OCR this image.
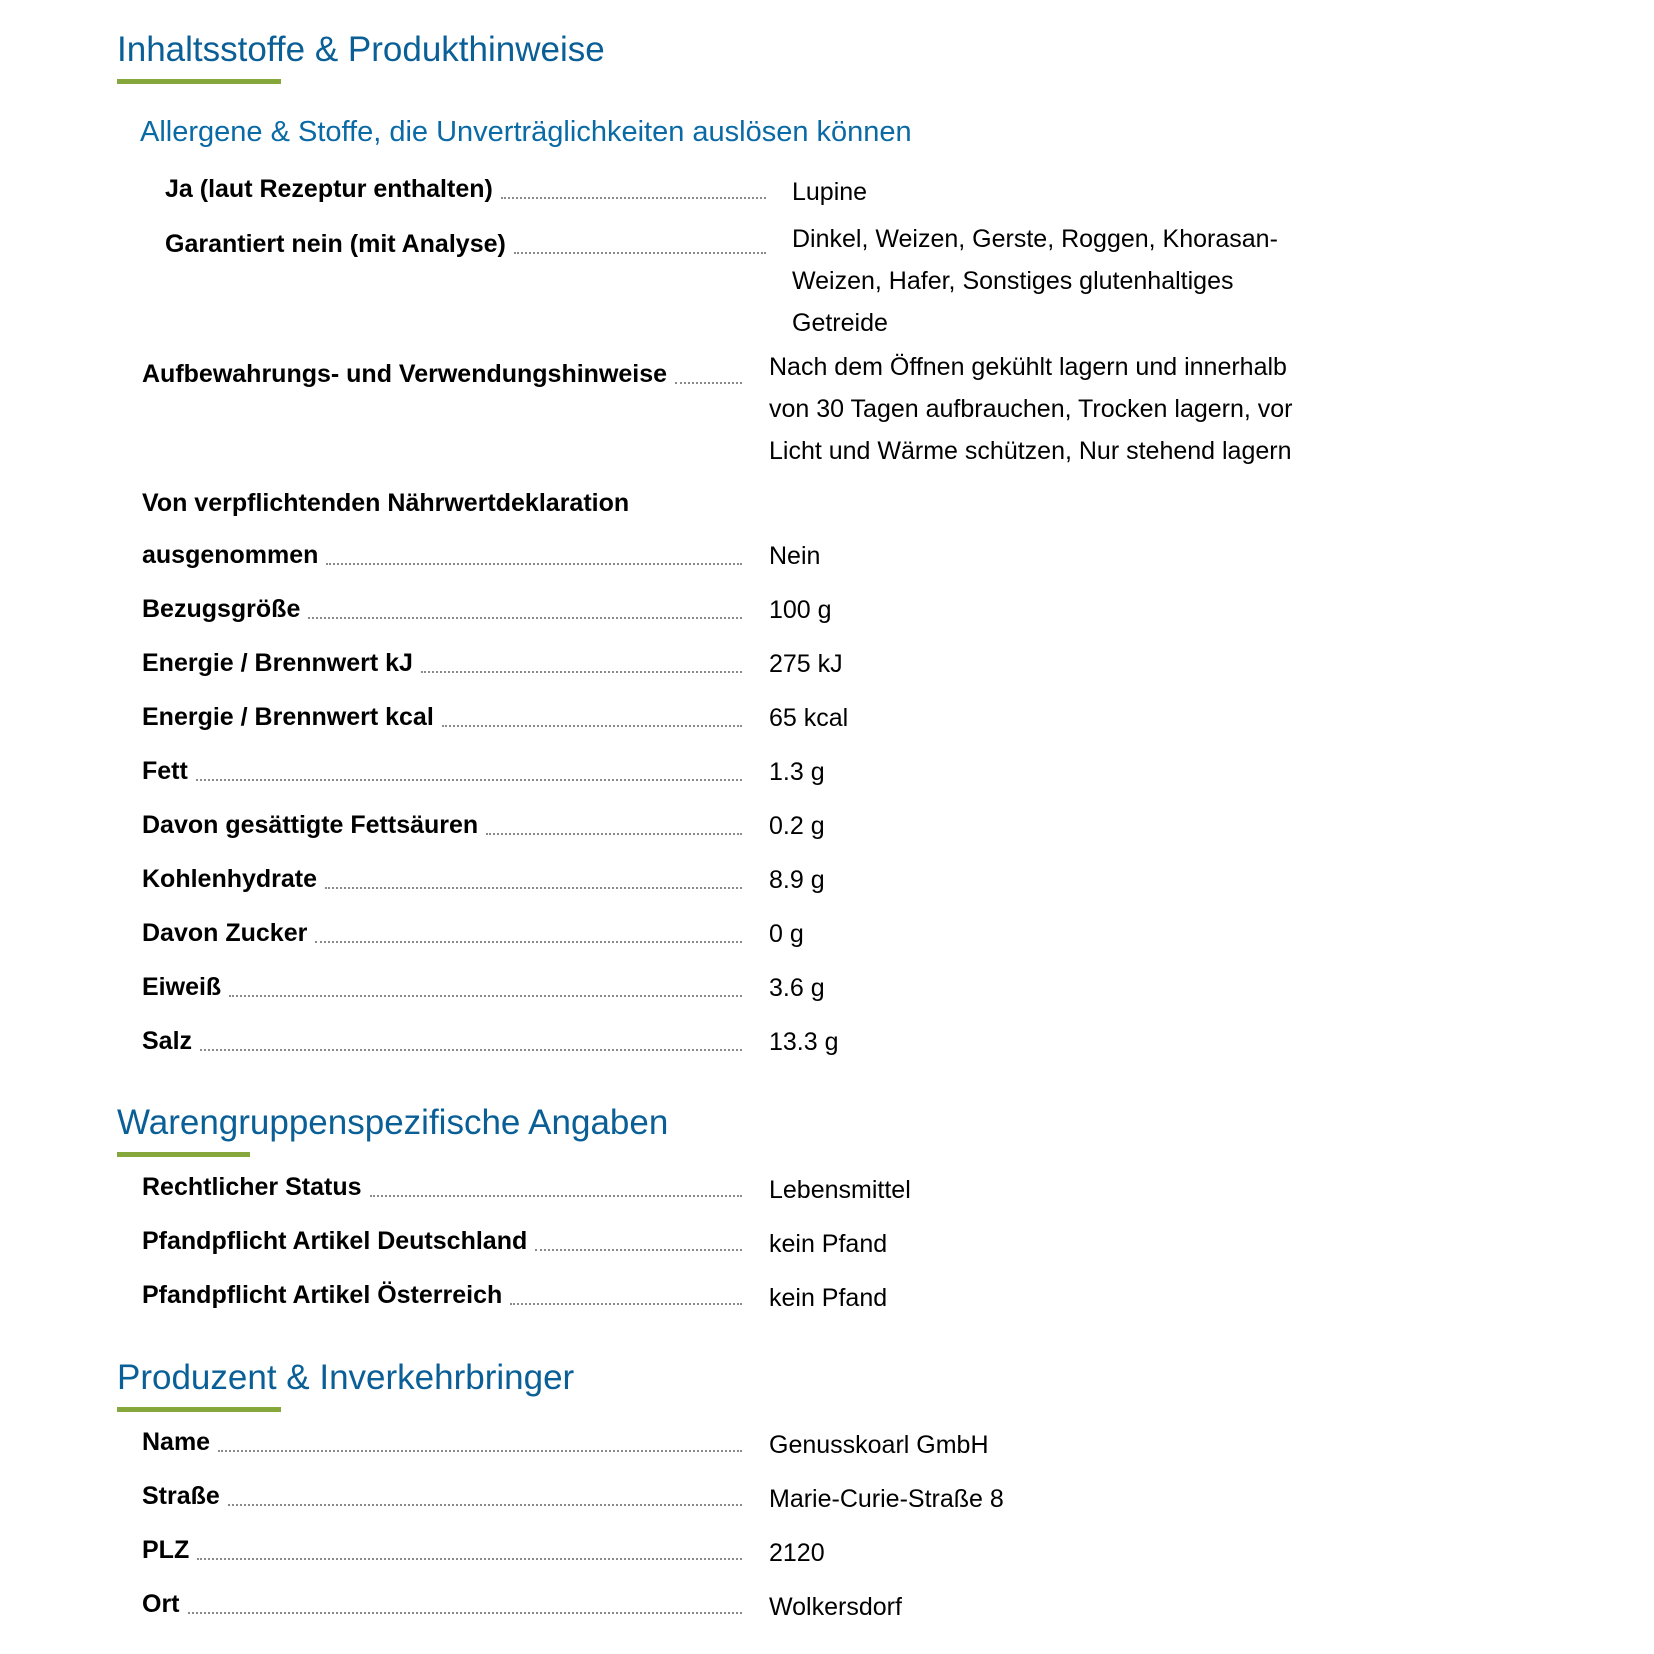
Inhaltsstoffe & Produkthinweise
Allergene & Stoffe, die Unverträglichkeiten auslösen können
Ja (laut Rezeptur enthalten)	Lupine
Garantiert nein (mit Analyse)	Dinkel, Weizen, Gerste, Roggen, Khorasan-
Weizen, Hafer, Sonstiges glutenhaltiges
Getreide
Aufbewahrungs- und Verwendungshinweise	Nach dem Öffnen gekühlt lagern und innerhalb
von 30 Tagen aufbrauchen, Trocken lagern, vor
Licht und Wärme schützen, Nur stehend lagern
Von verpflichtenden Nährwertdeklaration
ausgenommen	Nein
Bezugsgröße	100 g
Energie / Brennwert kJ	275 kJ
Energie / Brennwert kcal	65 kcal
Fett	1.3 g
Davon gesättigte Fettsäuren	0.2 g
Kohlenhydrate	8.9 g
Davon Zucker	0 g
Eiweiß	3.6 g
Salz	13.3 g
Warengruppenspezifische Angaben
Rechtlicher Status	Lebensmittel
Pfandpflicht Artikel Deutschland	kein Pfand
Pfandpflicht Artikel Österreich	kein Pfand
Produzent & Inverkehrbringer
Name	Genusskoarl GmbH
Straße	Marie-Curie-Straße 8
PLZ	2120
Ort	Wolkersdorf
